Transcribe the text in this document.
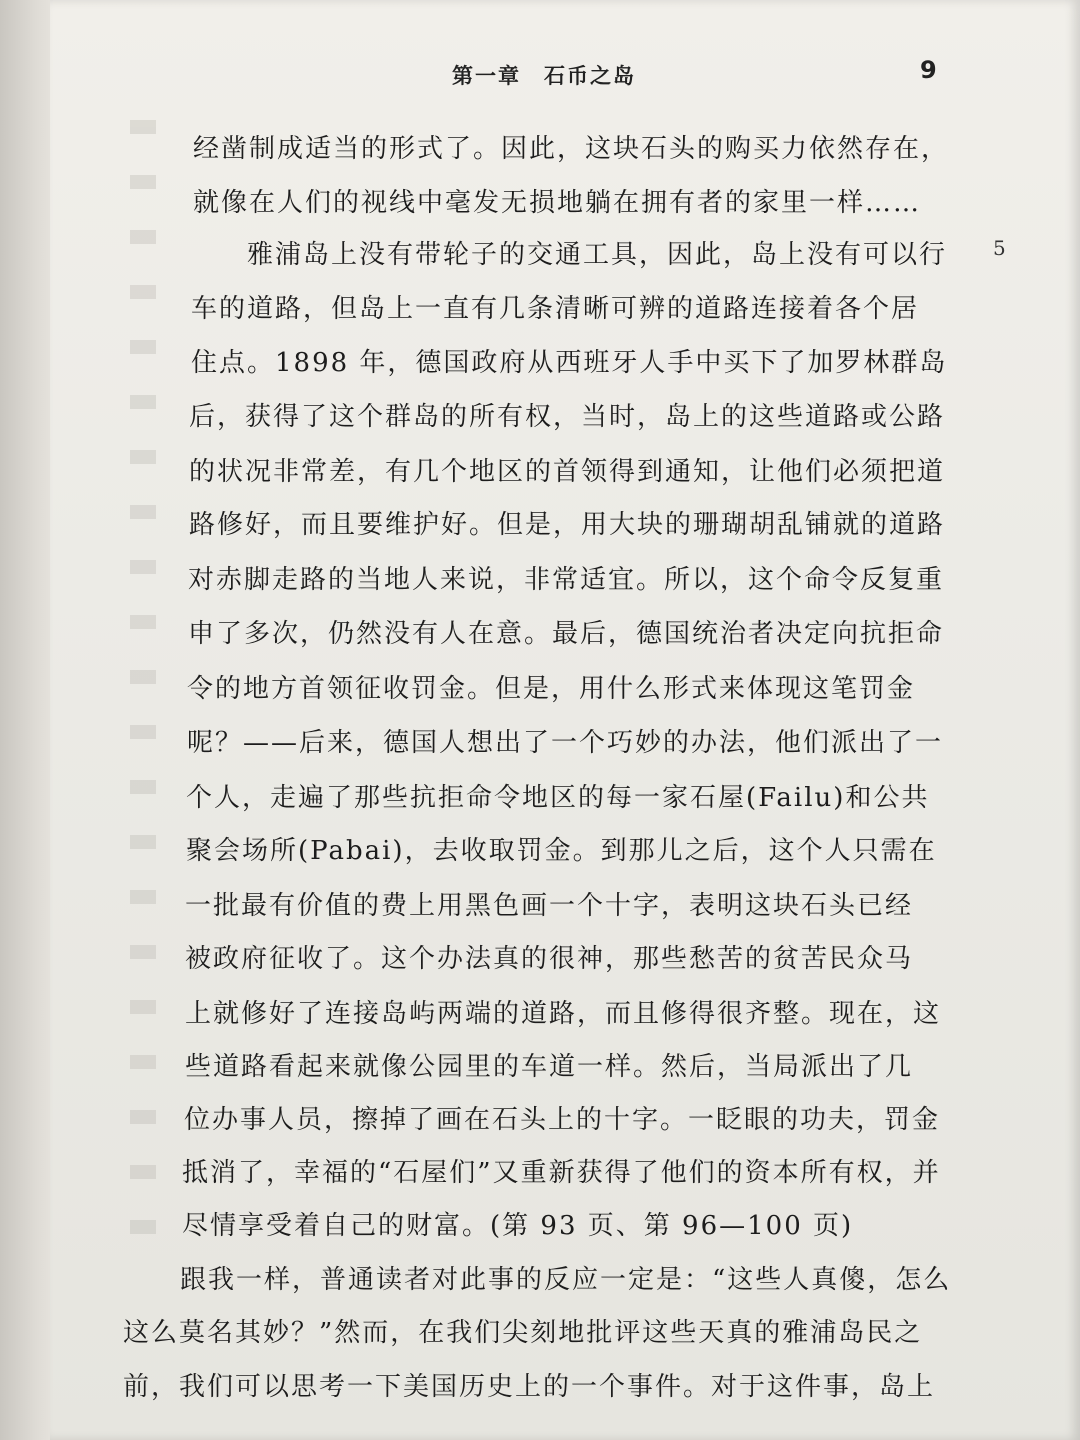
第一章　石币之岛	9
5
经凿制成适当的形式了。因此，这块石头的购买力依然存在，
就像在人们的视线中毫发无损地躺在拥有者的家里一样……
雅浦岛上没有带轮子的交通工具，因此，岛上没有可以行
车的道路，但岛上一直有几条清晰可辨的道路连接着各个居
住点。1898 年，德国政府从西班牙人手中买下了加罗林群岛
后，获得了这个群岛的所有权，当时，岛上的这些道路或公路
的状况非常差，有几个地区的首领得到通知，让他们必须把道
路修好，而且要维护好。但是，用大块的珊瑚胡乱铺就的道路
对赤脚走路的当地人来说，非常适宜。所以，这个命令反复重
申了多次，仍然没有人在意。最后，德国统治者决定向抗拒命
令的地方首领征收罚金。但是，用什么形式来体现这笔罚金
呢？——后来，德国人想出了一个巧妙的办法，他们派出了一
个人，走遍了那些抗拒命令地区的每一家石屋(Failu)和公共
聚会场所(Pabai)，去收取罚金。到那儿之后，这个人只需在
一批最有价值的费上用黑色画一个十字，表明这块石头已经
被政府征收了。这个办法真的很神，那些愁苦的贫苦民众马
上就修好了连接岛屿两端的道路，而且修得很齐整。现在，这
些道路看起来就像公园里的车道一样。然后，当局派出了几
位办事人员，擦掉了画在石头上的十字。一眨眼的功夫，罚金
抵消了，幸福的“石屋们”又重新获得了他们的资本所有权，并
尽情享受着自己的财富。(第 93 页、第 96—100 页)
跟我一样，普通读者对此事的反应一定是：“这些人真傻，怎么
这么莫名其妙？”然而，在我们尖刻地批评这些天真的雅浦岛民之
前，我们可以思考一下美国历史上的一个事件。对于这件事，岛上
